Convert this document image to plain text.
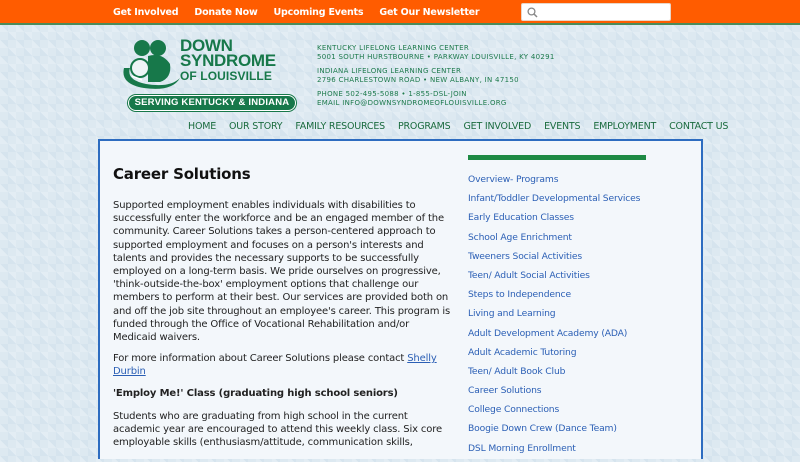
Get Involved Donate Now Upcoming Events Get Our Newsletter
DOWN
SYNDROME
OF LOUISVILLE
SERVING KENTUCKY & INDIANA
KENTUCKY LIFELONG LEARNING CENTER
5001 SOUTH HURSTBOURNE • PARKWAY LOUISVILLE, KY 40291
INDIANA LIFELONG LEARNING CENTER
2796 CHARLESTOWN ROAD • NEW ALBANY, IN 47150
PHONE 502-495-5088 • 1-855-DSL-JOIN
EMAIL INFO@DOWNSYNDROMEOFLOUISVILLE.ORG
HOME OUR STORY FAMILY RESOURCES PROGRAMS GET INVOLVED EVENTS EMPLOYMENT CONTACT US
Career Solutions

Supported employment enables individuals with disabilities to successfully enter the workforce and be an engaged member of the community. Career Solutions takes a person-centered approach to supported employment and focuses on a person's interests and talents and provides the necessary supports to be successfully employed on a long-term basis. We pride ourselves on progressive, 'think-outside-the-box' employment options that challenge our members to perform at their best. Our services are provided both on and off the job site throughout an employee's career. This program is funded through the Office of Vocational Rehabilitation and/or Medicaid waivers.

For more information about Career Solutions please contact Shelly Durbin

'Employ Me!' Class (graduating high school seniors)

Students who are graduating from high school in the current academic year are encouraged to attend this weekly class. Six core employable skills (enthusiasm/attitude, communication skills,

Overview- Programs
Infant/Toddler Developmental Services
Early Education Classes
School Age Enrichment
Tweeners Social Activities
Teen/ Adult Social Activities
Steps to Independence
Living and Learning
Adult Development Academy (ADA)
Adult Academic Tutoring
Teen/ Adult Book Club
Career Solutions
College Connections
Boogie Down Crew (Dance Team)
DSL Morning Enrollment
